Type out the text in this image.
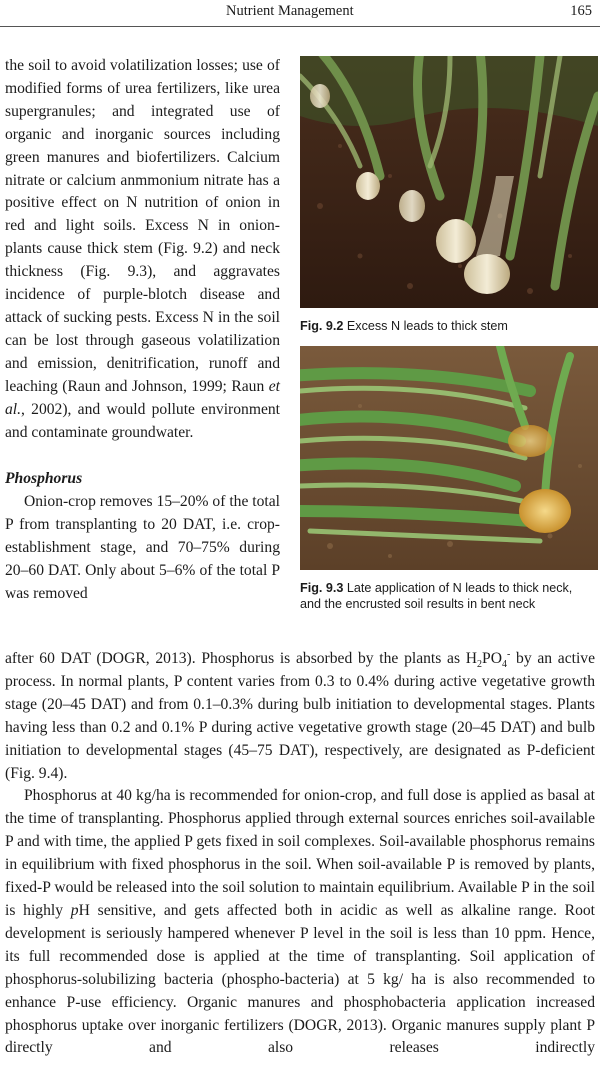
Nutrient Management	165

the soil to avoid volatilization losses; use of modified forms of urea fertilizers, like urea supergranules; and integrated use of organic and inorganic sources including green manures and biofertilizers. Calcium nitrate or calcium anmmonium nitrate has a positive effect on N nutrition of onion in red and light soils. Excess N in onion-plants cause thick stem (Fig. 9.2) and neck thickness (Fig. 9.3), and aggravates incidence of purple-blotch disease and attack of sucking pests. Excess N in the soil can be lost through gaseous volatilization and emission, denitrification, runoff and leaching (Raun and Johnson, 1999; Raun et al., 2002), and would pollute environment and contaminate groundwater.

Phosphorus

Onion-crop removes 15–20% of the total P from transplanting to 20 DAT, i.e. crop-establishment stage, and 70–75% during 20–60 DAT. Only about 5–6% of the total P was removed

Fig. 9.2 Excess N leads to thick stem
Fig. 9.3 Late application of N leads to thick neck, and the encrusted soil results in bent neck

after 60 DAT (DOGR, 2013). Phosphorus is absorbed by the plants as $H_2PO_4^-$ by an active process. In normal plants, P content varies from 0.3 to 0.4% during active vegetative growth stage (20–45 DAT) and from 0.1–0.3% during bulb initiation to developmental stages. Plants having less than 0.2 and 0.1% P during active vegetative growth stage (20–45 DAT) and bulb initiation to developmental stages (45–75 DAT), respectively, are designated as P-deficient (Fig. 9.4).

Phosphorus at 40 kg/ha is recommended for onion-crop, and full dose is applied as basal at the time of transplanting. Phosphorus applied through external sources enriches soil-available P and with time, the applied P gets fixed in soil complexes. Soil-available phosphorus remains in equilibrium with fixed phosphorus in the soil. When soil-available P is removed by plants, fixed-P would be released into the soil solution to maintain equilibrium. Available P in the soil is highly pH sensitive, and gets affected both in acidic as well as alkaline range. Root development is seriously hampered whenever P level in the soil is less than 10 ppm. Hence, its full recommended dose is applied at the time of transplanting. Soil application of phosphorus-solubilizing bacteria (phospho-bacteria) at 5 kg/ ha is also recommended to enhance P-use efficiency. Organic manures and phosphobacteria application increased phosphorus uptake over inorganic fertilizers (DOGR, 2013). Organic manures supply plant P directly and also releases indirectly
